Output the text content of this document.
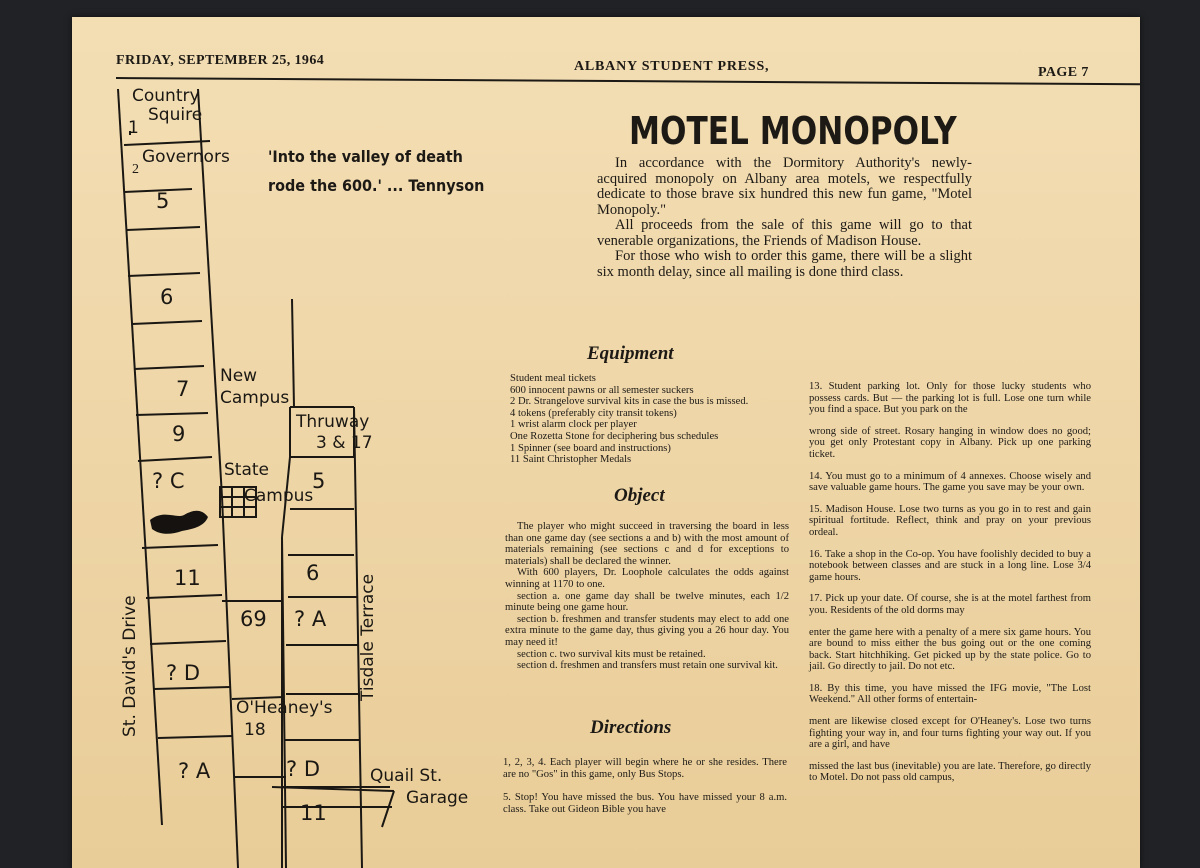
FRIDAY, SEPTEMBER 25, 1964	ALBANY STUDENT PRESS,	PAGE 7
Country
Squire
1
Governors
2
5
6
7
9
? C
11
? D
? A
New
Campus
State
Campus
Thruway
3 & 17
5
6
69 ? A
O'Heaney's
18
? D
11
Quail St.
Garage
St. David's Drive	Tisdale Terrace
'Into the valley of death
rode the 600.' ... Tennyson
MOTEL MONOPOLY

In accordance with the Dormitory Authority's newly-acquired monopoly on Albany area motels, we respectfully dedicate to those brave six hundred this new fun game, "Motel Monopoly."

All proceeds from the sale of this game will go to that venerable organizations, the Friends of Madison House.

For those who wish to order this game, there will be a slight six month delay, since all mailing is done third class.

Equipment

Student meal tickets

600 innocent pawns or all semester suckers

2 Dr. Strangelove survival kits in case the bus is missed.

4 tokens (preferably city transit tokens)

1 wrist alarm clock per player

One Rozetta Stone for deciphering bus schedules

1 Spinner (see board and instructions)

11 Saint Christopher Medals

Object

The player who might succeed in traversing the board in less than one game day (see sections a and b) with the most amount of materials remaining (see sections c and d for exceptions to materials) shall be declared the winner.

With 600 players, Dr. Loophole calculates the odds against winning at 1170 to one.

section a. one game day shall be twelve minutes, each 1/2 minute being one game hour.

section b. freshmen and transfer students may elect to add one extra minute to the game day, thus giving you a 26 hour day. You may need it!

section c. two survival kits must be retained.

section d. freshmen and transfers must retain one survival kit.

Directions

1, 2, 3, 4. Each player will begin where he or she resides. There are no "Gos" in this game, only Bus Stops.

5. Stop! You have missed the bus. You have missed your 8 a.m. class. Take out Gideon Bible you have

13. Student parking lot. Only for those lucky students who possess cards. But — the parking lot is full. Lose one turn while you find a space. But you park on the

wrong side of street. Rosary hanging in window does no good; you get only Protestant copy in Albany. Pick up one parking ticket.

14. You must go to a minimum of 4 annexes. Choose wisely and save valuable game hours. The game you save may be your own.

15. Madison House. Lose two turns as you go in to rest and gain spiritual fortitude. Reflect, think and pray on your previous ordeal.

16. Take a shop in the Co-op. You have foolishly decided to buy a notebook between classes and are stuck in a long line. Lose 3/4 game hours.

17. Pick up your date. Of course, she is at the motel farthest from you. Residents of the old dorms may

enter the game here with a penalty of a mere six game hours. You are bound to miss either the bus going out or the one coming back. Start hitchhiking. Get picked up by the state police. Go to jail. Go directly to jail. Do not etc.

18. By this time, you have missed the IFG movie, "The Lost Weekend." All other forms of entertain-

ment are likewise closed except for O'Heaney's. Lose two turns fighting your way in, and four turns fighting your way out. If you are a girl, and have

missed the last bus (inevitable) you are late. Therefore, go directly to Motel. Do not pass old campus,
